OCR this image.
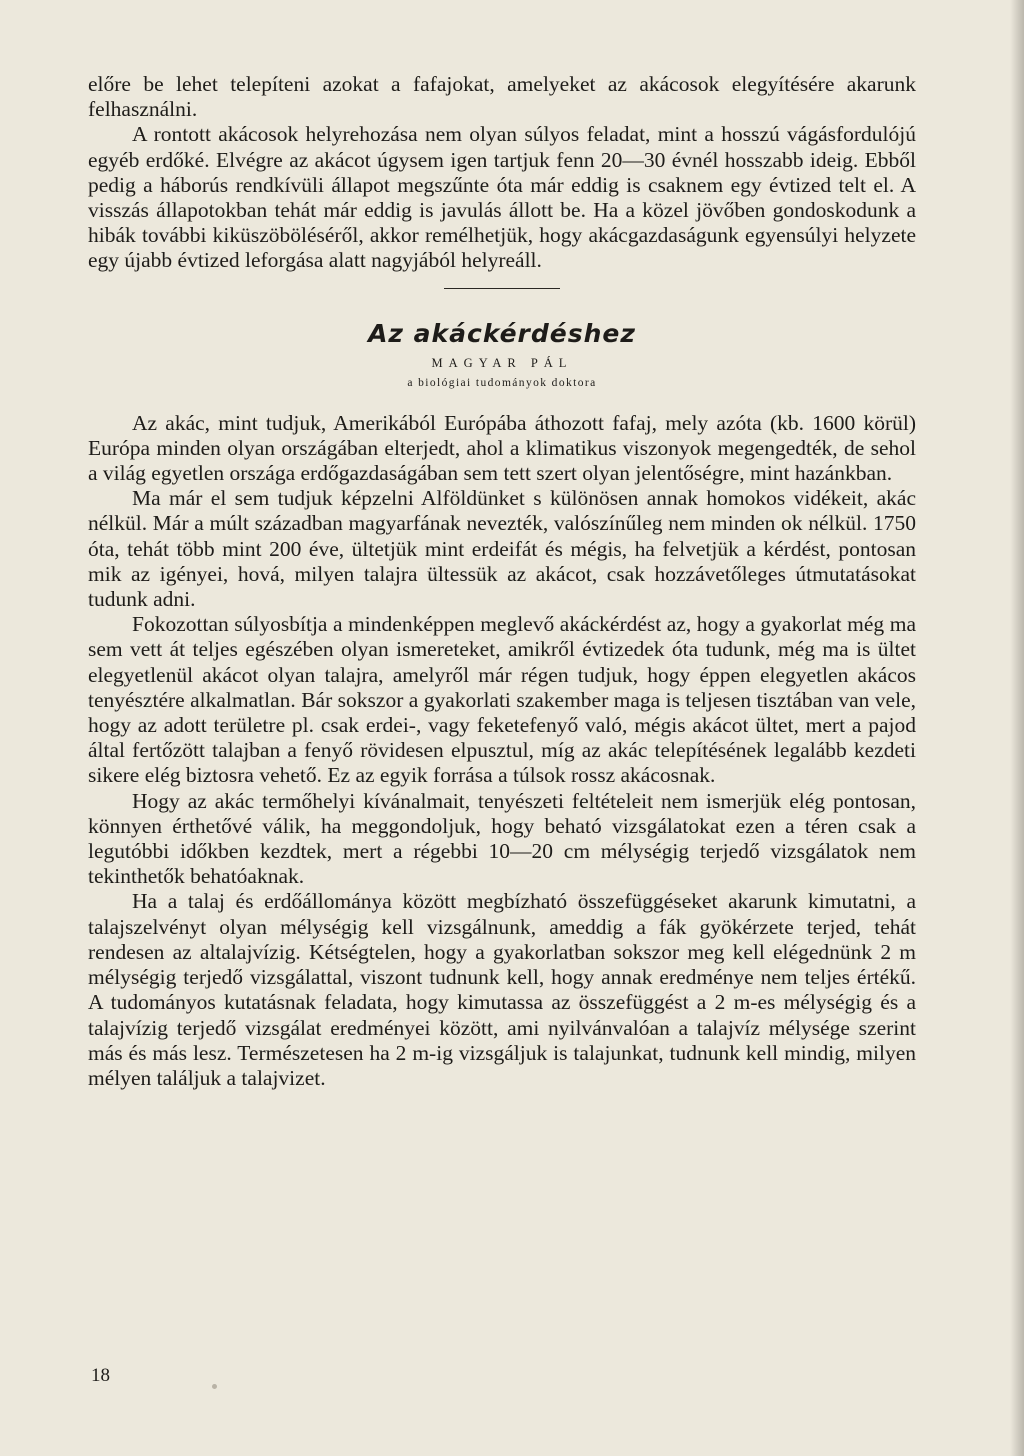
előre be lehet telepíteni azokat a fafajokat, amelyeket az akácosok elegyítésére akarunk felhasználni.

A rontott akácosok helyrehozása nem olyan súlyos feladat, mint a hosszú vágásfordulójú egyéb erdőké. Elvégre az akácot úgysem igen tartjuk fenn 20—30 évnél hosszabb ideig. Ebből pedig a háborús rendkívüli állapot megszűnte óta már eddig is csaknem egy évtized telt el. A visszás állapotokban tehát már eddig is javulás állott be. Ha a közel jövőben gondoskodunk a hibák további kiküszöböléséről, akkor remélhetjük, hogy akácgazdaságunk egyensúlyi helyzete egy újabb évtized leforgása alatt nagyjából helyreáll.

Az akáckérdéshez
MAGYAR PÁL
a biológiai tudományok doktora

Az akác, mint tudjuk, Amerikából Európába áthozott fafaj, mely azóta (kb. 1600 körül) Európa minden olyan országában elterjedt, ahol a klimatikus viszonyok megengedték, de sehol a világ egyetlen országa erdőgazdaságában sem tett szert olyan jelentőségre, mint hazánkban.

Ma már el sem tudjuk képzelni Alföldünket s különösen annak homokos vidékeit, akác nélkül. Már a múlt században magyarfának nevezték, valószínűleg nem minden ok nélkül. 1750 óta, tehát több mint 200 éve, ültetjük mint erdeifát és mégis, ha felvetjük a kérdést, pontosan mik az igényei, hová, milyen talajra ültessük az akácot, csak hozzávetőleges útmutatásokat tudunk adni.

Fokozottan súlyosbítja a mindenképpen meglevő akáckérdést az, hogy a gyakorlat még ma sem vett át teljes egészében olyan ismereteket, amikről évtizedek óta tudunk, még ma is ültet elegyetlenül akácot olyan talajra, amelyről már régen tudjuk, hogy éppen elegyetlen akácos tenyésztére alkalmatlan. Bár sokszor a gyakorlati szakember maga is teljesen tisztában van vele, hogy az adott területre pl. csak erdei-, vagy feketefenyő való, mégis akácot ültet, mert a pajod által fertőzött talajban a fenyő rövidesen elpusztul, míg az akác telepítésének legalább kezdeti sikere elég biztosra vehető. Ez az egyik forrása a túlsok rossz akácosnak.

Hogy az akác termőhelyi kívánalmait, tenyészeti feltételeit nem ismerjük elég pontosan, könnyen érthetővé válik, ha meggondoljuk, hogy beható vizsgálatokat ezen a téren csak a legutóbbi időkben kezdtek, mert a régebbi 10—20 cm mélységig terjedő vizsgálatok nem tekinthetők behatóaknak.

Ha a talaj és erdőállománya között megbízható összefüggéseket akarunk kimutatni, a talajszelvényt olyan mélységig kell vizsgálnunk, ameddig a fák gyökérzete terjed, tehát rendesen az altalajvízig. Kétségtelen, hogy a gyakorlatban sokszor meg kell elégednünk 2 m mélységig terjedő vizsgálattal, viszont tudnunk kell, hogy annak eredménye nem teljes értékű. A tudományos kutatásnak feladata, hogy kimutassa az összefüggést a 2 m-es mélységig és a talajvízig terjedő vizsgálat eredményei között, ami nyilvánvalóan a talajvíz mélysége szerint más és más lesz. Természetesen ha 2 m-ig vizsgáljuk is talajunkat, tudnunk kell mindig, milyen mélyen találjuk a talajvizet.

18
